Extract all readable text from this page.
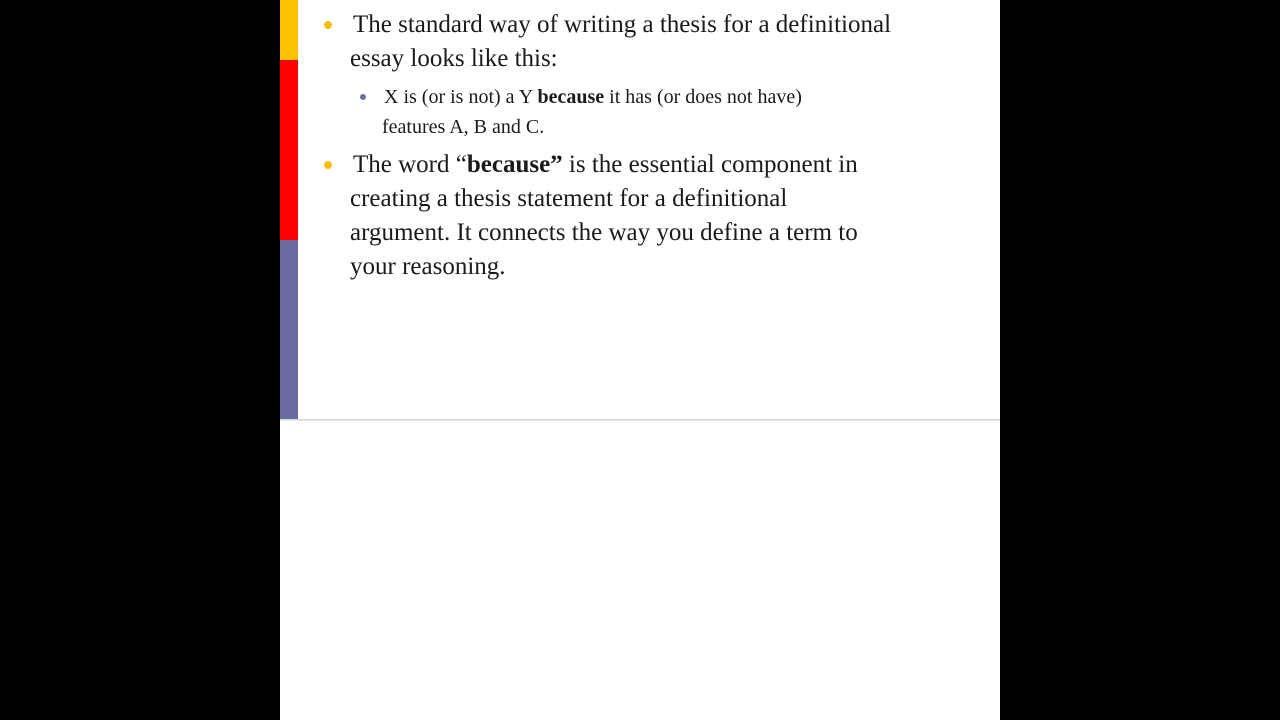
The standard way of writing a thesis for a definitional
essay looks like this:
X is (or is not) a Y because it has (or does not have)
features A, B and C.
The word “because” is the essential component in
creating a thesis statement for a definitional
argument. It connects the way you define a term to
your reasoning.
